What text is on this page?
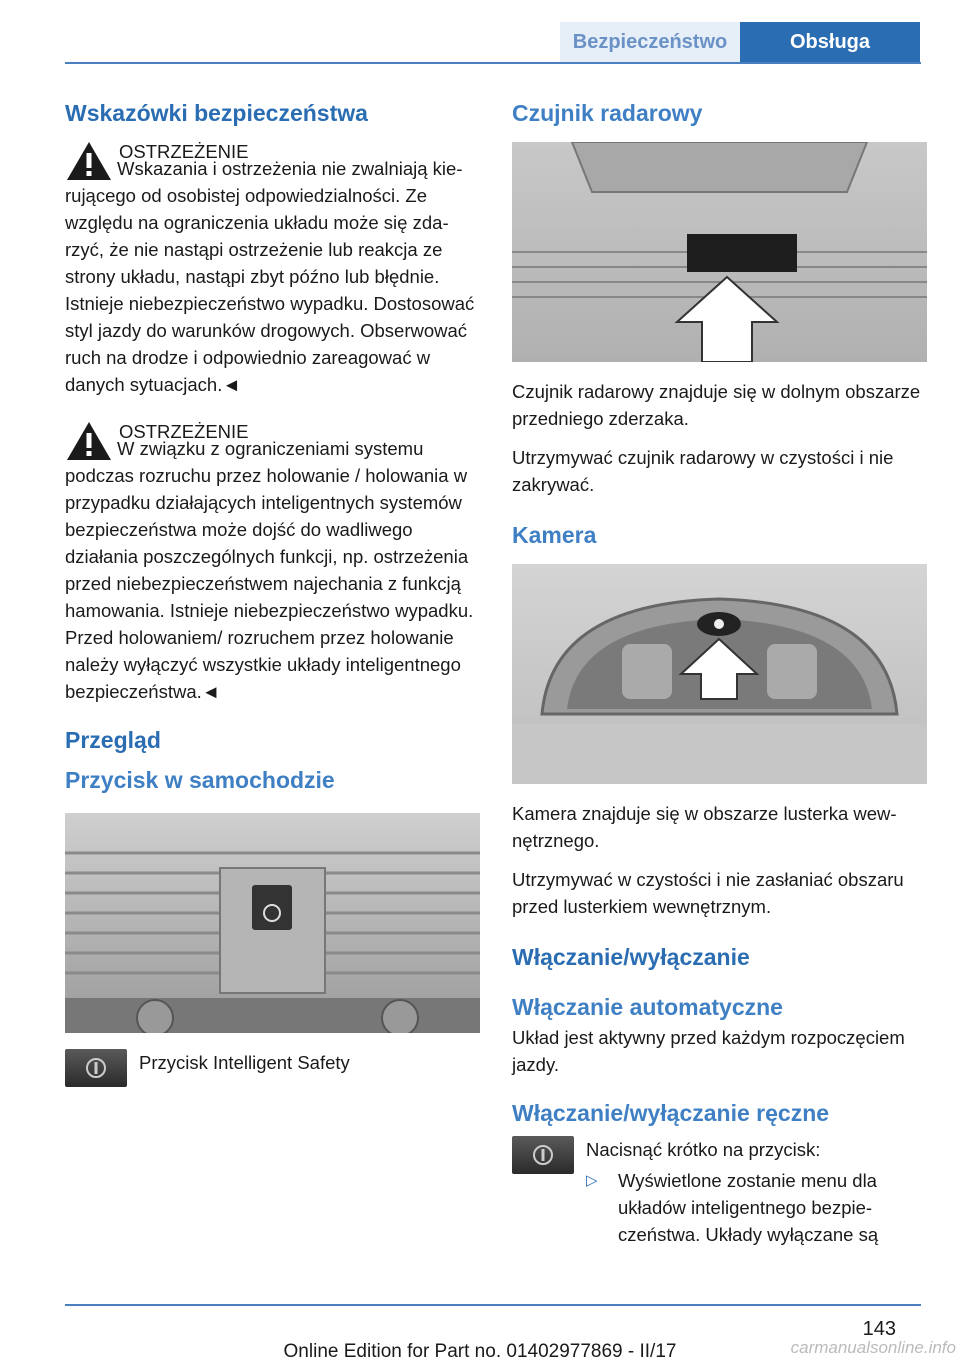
Bezpieczeństwo	Obsługa
Wskazówki bezpieczeństwa
OSTRZEŻENIE

Wskazania i ostrzeżenia nie zwalniają kierującego od osobistej odpowiedzialności. Ze względu na ograniczenia układu może się zdarzyć, że nie nastąpi ostrzeżenie lub reakcja ze strony układu, nastąpi zbyt późno lub błędnie. Istnieje niebezpieczeństwo wypadku. Dostosować styl jazdy do warunków drogowych. Obserwować ruch na drodze i odpowiednio zareagować w danych sytuacjach.◄

OSTRZEŻENIE

W związku z ograniczeniami systemu podczas rozruchu przez holowanie / holowania w przypadku działających inteligentnych systemów bezpieczeństwa może dojść do wadliwego działania poszczególnych funkcji, np. ostrzeżenia przed niebezpieczeństwem najechania z funkcją hamowania. Istnieje niebezpieczeństwo wypadku. Przed holowaniem/ rozruchem przez holowanie należy wyłączyć wszystkie układy inteligentnego bezpieczeństwa.◄

Przegląd
Przycisk w samochodzie

Przycisk Intelligent Safety

Czujnik radarowy

Czujnik radarowy znajduje się w dolnym obszarze przedniego zderzaka.

Utrzymywać czujnik radarowy w czystości i nie zakrywać.

Kamera

Kamera znajduje się w obszarze lusterka wewnętrznego.

Utrzymywać w czystości i nie zasłaniać obszaru przed lusterkiem wewnętrznym.

Włączanie/wyłączanie
Włączanie automatyczne

Układ jest aktywny przed każdym rozpoczęciem jazdy.

Włączanie/wyłączanie ręczne

Nacisnąć krótko na przycisk:

▷	Wyświetlone zostanie menu dla układów inteligentnego bezpieczeństwa. Układy wyłączane są
143
Online Edition for Part no. 01402977869 - II/17	carmanualsonline.info
